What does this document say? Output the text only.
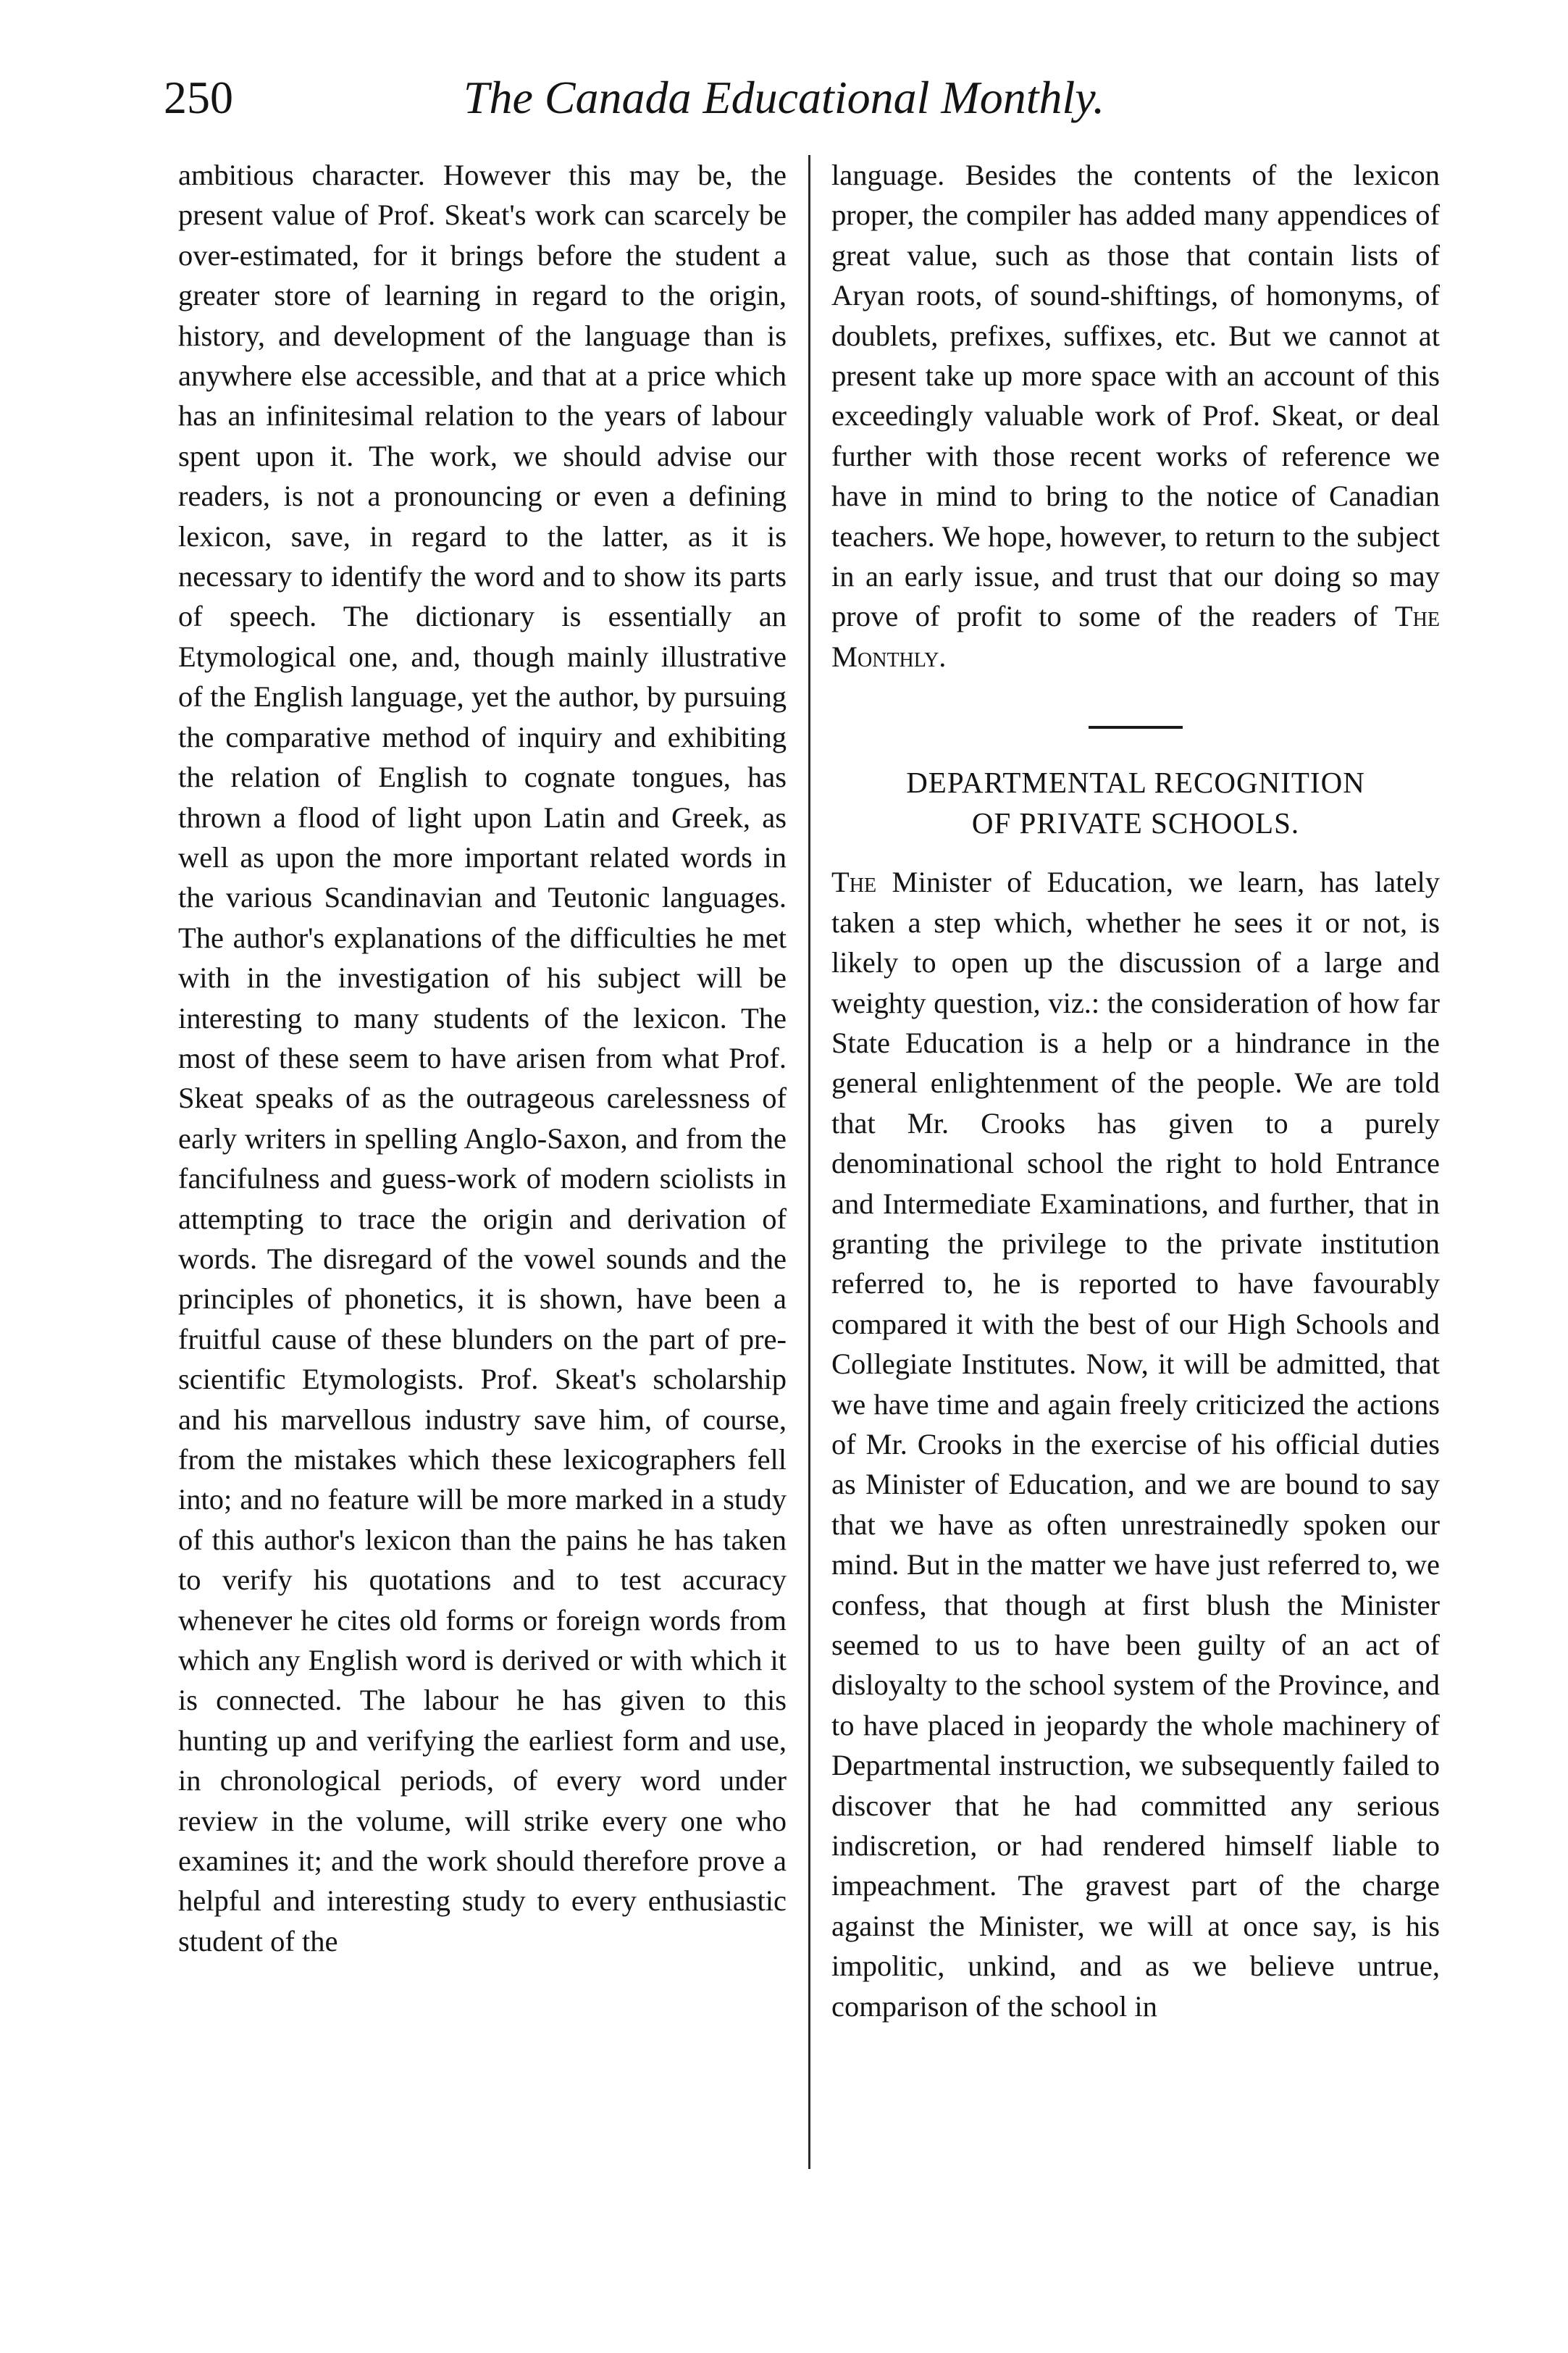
250	The Canada Educational Monthly.

ambitious character. However this may be, the present value of Prof. Skeat's work can scarcely be over-estimated, for it brings before the student a greater store of learning in regard to the origin, history, and development of the language than is anywhere else accessible, and that at a price which has an infinitesimal relation to the years of labour spent upon it. The work, we should advise our readers, is not a pronouncing or even a defining lexicon, save, in regard to the latter, as it is necessary to identify the word and to show its parts of speech. The dictionary is essentially an Etymological one, and, though mainly illustrative of the English language, yet the author, by pursuing the comparative method of inquiry and exhibiting the relation of English to cognate tongues, has thrown a flood of light upon Latin and Greek, as well as upon the more important related words in the various Scandinavian and Teutonic languages. The author's explanations of the difficulties he met with in the investigation of his subject will be interesting to many students of the lexicon. The most of these seem to have arisen from what Prof. Skeat speaks of as the outrageous carelessness of early writers in spelling Anglo-Saxon, and from the fancifulness and guess-work of modern sciolists in attempting to trace the origin and derivation of words. The disregard of the vowel sounds and the principles of phonetics, it is shown, have been a fruitful cause of these blunders on the part of pre-scientific Etymologists. Prof. Skeat's scholarship and his marvellous industry save him, of course, from the mistakes which these lexicographers fell into; and no feature will be more marked in a study of this author's lexicon than the pains he has taken to verify his quotations and to test accuracy whenever he cites old forms or foreign words from which any English word is derived or with which it is connected. The labour he has given to this hunting up and verifying the earliest form and use, in chronological periods, of every word under review in the volume, will strike every one who examines it; and the work should therefore prove a helpful and interesting study to every enthusiastic student of the

language. Besides the contents of the lexicon proper, the compiler has added many appendices of great value, such as those that contain lists of Aryan roots, of sound-shiftings, of homonyms, of doublets, prefixes, suffixes, etc. But we cannot at present take up more space with an account of this exceedingly valuable work of Prof. Skeat, or deal further with those recent works of reference we have in mind to bring to the notice of Canadian teachers. We hope, however, to return to the subject in an early issue, and trust that our doing so may prove of profit to some of the readers of The Monthly.

DEPARTMENTAL RECOGNITION
OF PRIVATE SCHOOLS.

The Minister of Education, we learn, has lately taken a step which, whether he sees it or not, is likely to open up the discussion of a large and weighty question, viz.: the consideration of how far State Education is a help or a hindrance in the general enlightenment of the people. We are told that Mr. Crooks has given to a purely denominational school the right to hold Entrance and Intermediate Examinations, and further, that in granting the privilege to the private institution referred to, he is reported to have favourably compared it with the best of our High Schools and Collegiate Institutes. Now, it will be admitted, that we have time and again freely criticized the actions of Mr. Crooks in the exercise of his official duties as Minister of Education, and we are bound to say that we have as often unrestrainedly spoken our mind. But in the matter we have just referred to, we confess, that though at first blush the Minister seemed to us to have been guilty of an act of disloyalty to the school system of the Province, and to have placed in jeopardy the whole machinery of Departmental instruction, we subsequently failed to discover that he had committed any serious indiscretion, or had rendered himself liable to impeachment. The gravest part of the charge against the Minister, we will at once say, is his impolitic, unkind, and as we believe untrue, comparison of the school in
